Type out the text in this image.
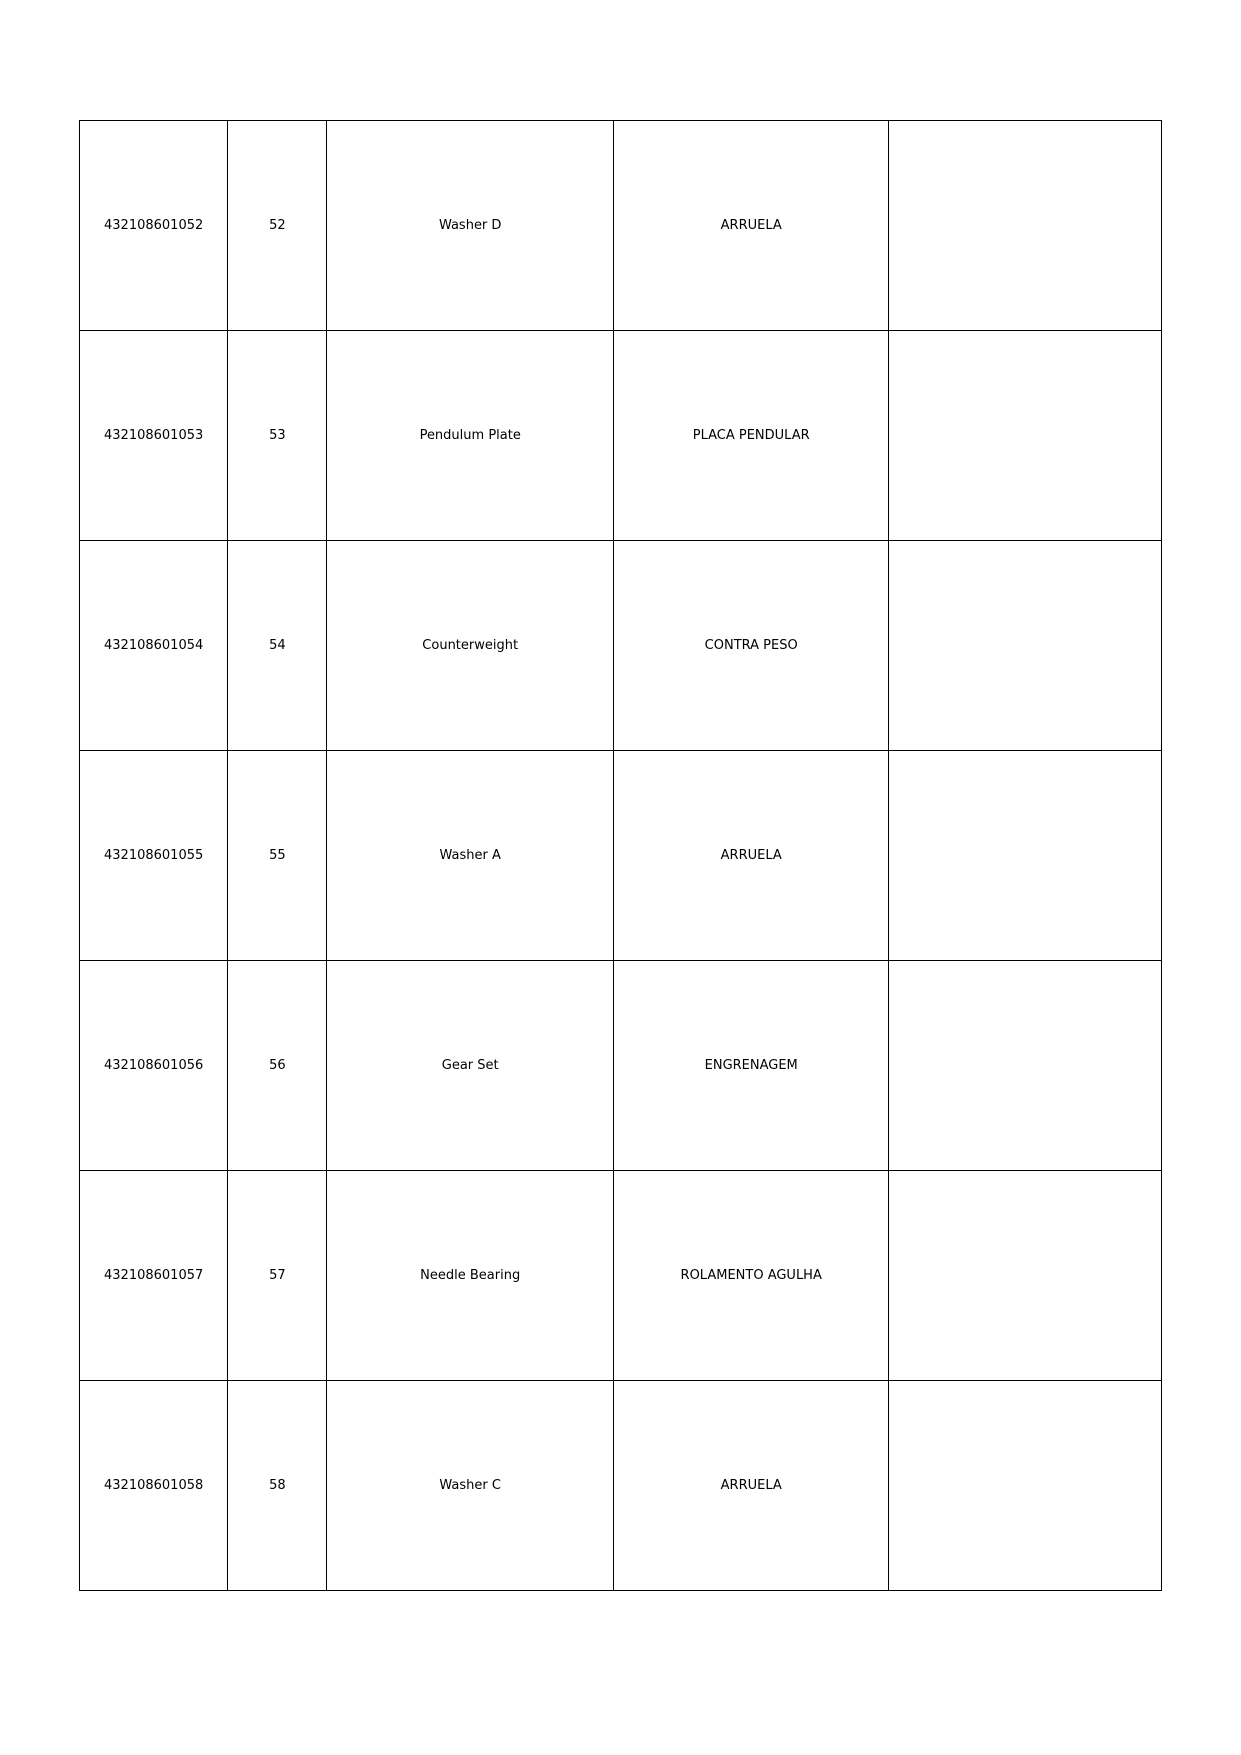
432108601052	52	Washer D	ARRUELA	
432108601053	53	Pendulum Plate	PLACA PENDULAR	
432108601054	54	Counterweight	CONTRA PESO	
432108601055	55	Washer A	ARRUELA	
432108601056	56	Gear Set	ENGRENAGEM	
432108601057	57	Needle Bearing	ROLAMENTO AGULHA	
432108601058	58	Washer C	ARRUELA	
